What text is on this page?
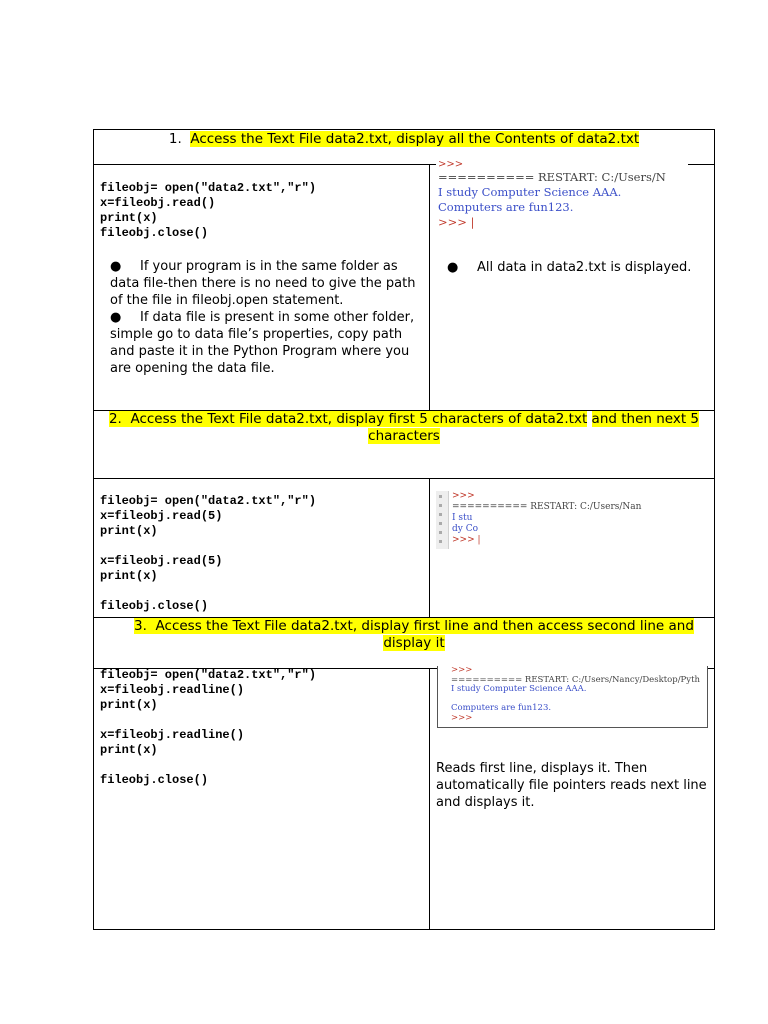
1. Access the Text File data2.txt, display all the Contents of data2.txt
fileobj= open("data2.txt","r")
x=fileobj.read()
print(x)
fileobj.close()
● If your program is in the same folder as data file-then there is no need to give the path of the file in fileobj.open statement.
● If data file is present in some other folder, simple go to data file’s properties, copy path and paste it in the Python Program where you are opening the data file.
>>>
========== RESTART: C:/Users/N
I study Computer Science AAA.
Computers are fun123.
>>> |
● All data in data2.txt is displayed.
2. Access the Text File data2.txt, display first 5 characters of data2.txt and then next 5 characters
fileobj= open("data2.txt","r")
x=fileobj.read(5)
print(x)

x=fileobj.read(5)
print(x)

fileobj.close()
>>>
========== RESTART: C:/Users/Nan
I stu
dy Co
>>> |
3. Access the Text File data2.txt, display first line and then access second line and display it
fileobj= open("data2.txt","r")
x=fileobj.readline()
print(x)

x=fileobj.readline()
print(x)

fileobj.close()
>>>
========== RESTART: C:/Users/Nancy/Desktop/Pyth
I study Computer Science AAA.

Computers are fun123.
>>>
Reads first line, displays it. Then automatically file pointers reads next line and displays it.
